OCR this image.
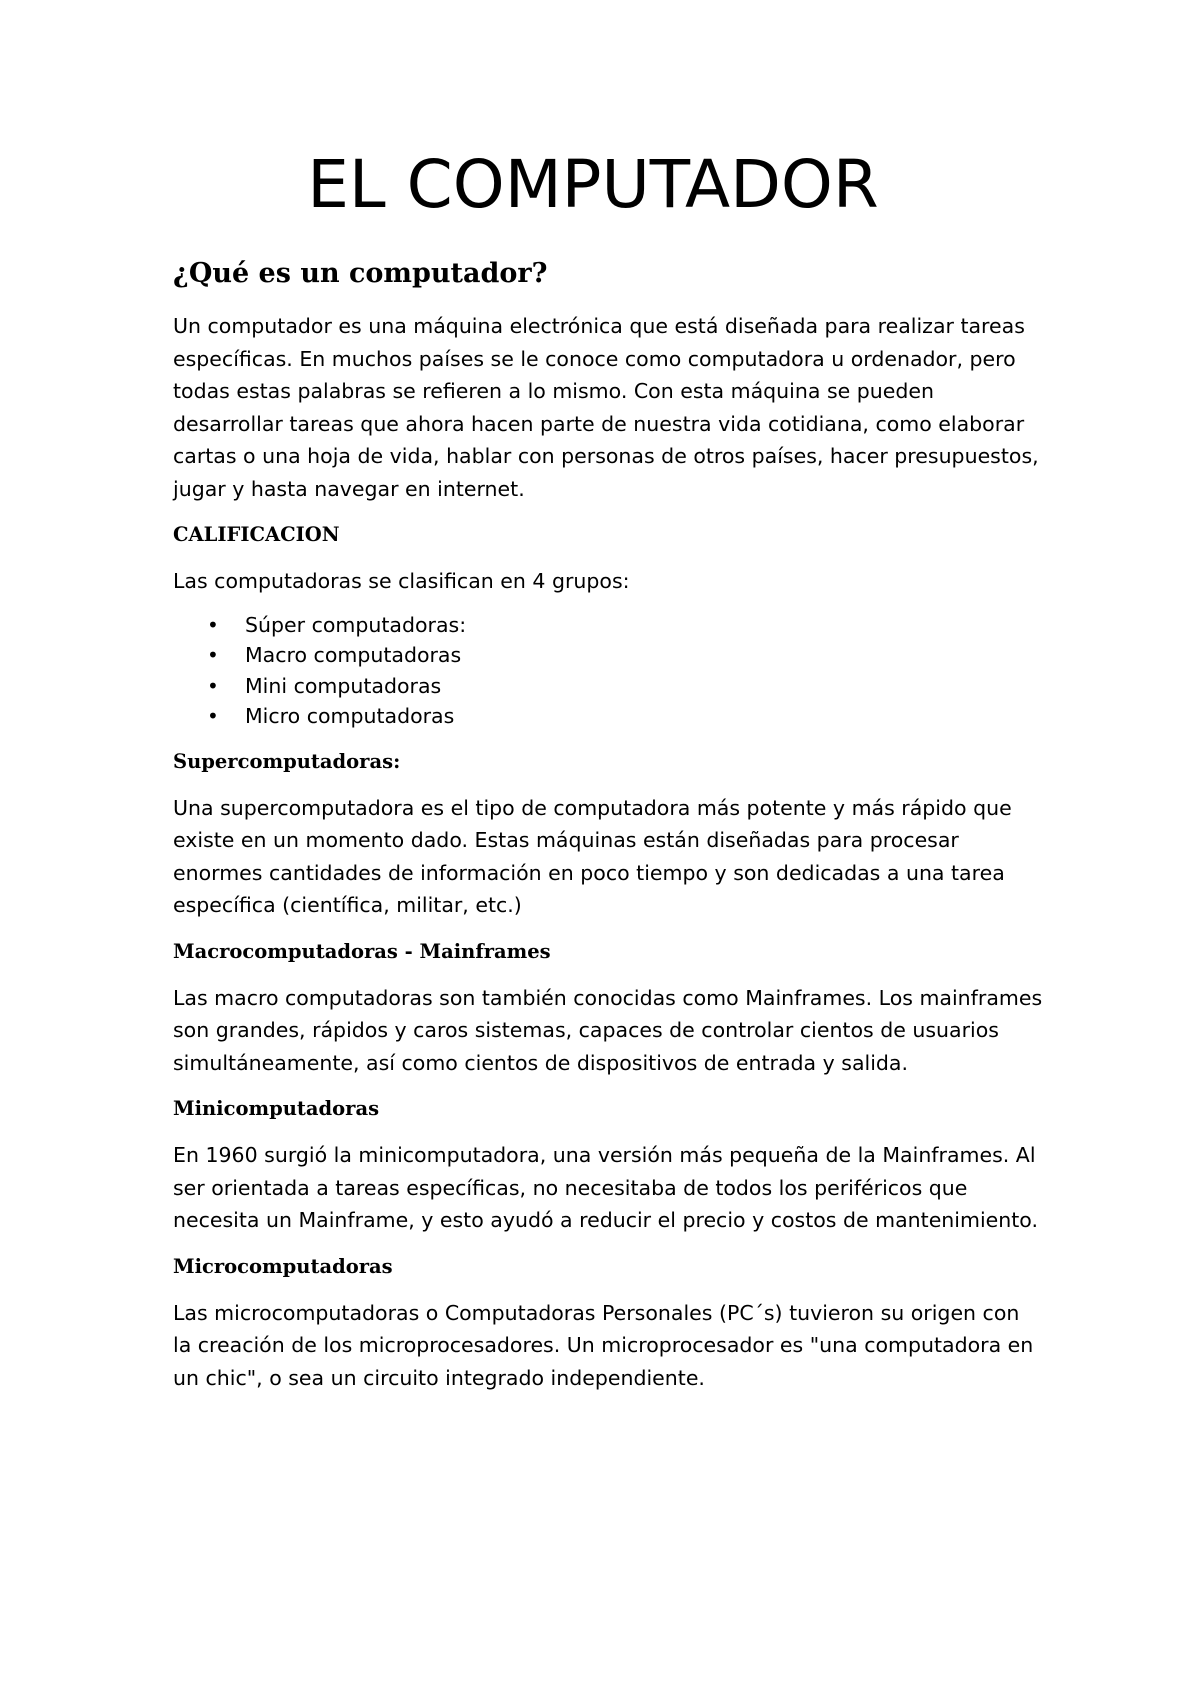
EL COMPUTADOR
¿Qué es un computador?

Un computador es una máquina electrónica que está diseñada para realizar tareas específicas. En muchos países se le conoce como computadora u ordenador, pero todas estas palabras se refieren a lo mismo. Con esta máquina se pueden desarrollar tareas que ahora hacen parte de nuestra vida cotidiana, como elaborar cartas o una hoja de vida, hablar con personas de otros países, hacer presupuestos, jugar y hasta navegar en internet.

CALIFICACION

Las computadoras se clasifican en 4 grupos:

• Súper computadoras:
• Macro computadoras
• Mini computadoras
• Micro computadoras
Supercomputadoras:

Una supercomputadora es el tipo de computadora más potente y más rápido que existe en un momento dado. Estas máquinas están diseñadas para procesar enormes cantidades de información en poco tiempo y son dedicadas a una tarea específica (científica, militar, etc.)

Macrocomputadoras - Mainframes

Las macro computadoras son también conocidas como Mainframes. Los mainframes son grandes, rápidos y caros sistemas, capaces de controlar cientos de usuarios simultáneamente, así como cientos de dispositivos de entrada y salida.

Minicomputadoras

En 1960 surgió la minicomputadora, una versión más pequeña de la Mainframes. Al ser orientada a tareas específicas, no necesitaba de todos los periféricos que necesita un Mainframe, y esto ayudó a reducir el precio y costos de mantenimiento.

Microcomputadoras

Las microcomputadoras o Computadoras Personales (PC´s) tuvieron su origen con la creación de los microprocesadores. Un microprocesador es "una computadora en un chic", o sea un circuito integrado independiente.
